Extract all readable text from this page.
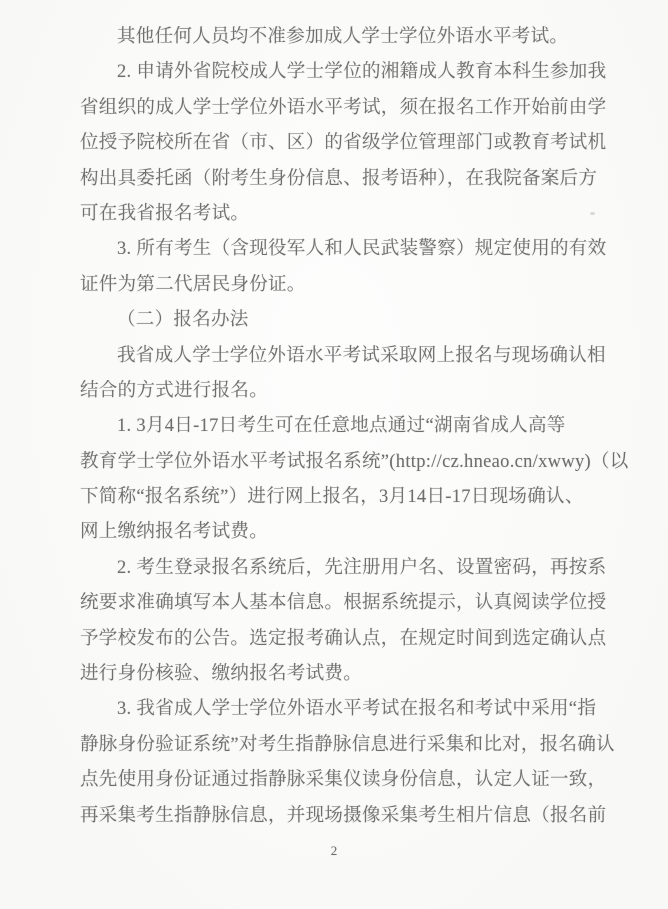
其他任何人员均不准参加成人学士学位外语水平考试。
2. 申请外省院校成人学士学位的湘籍成人教育本科生参加我
省组织的成人学士学位外语水平考试，须在报名工作开始前由学
位授予院校所在省（市、区）的省级学位管理部门或教育考试机
构出具委托函（附考生身份信息、报考语种），在我院备案后方
可在我省报名考试。
3. 所有考生（含现役军人和人民武装警察）规定使用的有效
证件为第二代居民身份证。
（二）报名办法
我省成人学士学位外语水平考试采取网上报名与现场确认相
结合的方式进行报名。
1. 3月4日-17日考生可在任意地点通过“湖南省成人高等
教育学士学位外语水平考试报名系统”(http://cz.hneao.cn/xwwy)（以
下简称“报名系统”）进行网上报名，3月14日-17日现场确认、
网上缴纳报名考试费。
2. 考生登录报名系统后，先注册用户名、设置密码，再按系
统要求准确填写本人基本信息。根据系统提示，认真阅读学位授
予学校发布的公告。选定报考确认点，在规定时间到选定确认点
进行身份核验、缴纳报名考试费。
3. 我省成人学士学位外语水平考试在报名和考试中采用“指
静脉身份验证系统”对考生指静脉信息进行采集和比对，报名确认
点先使用身份证通过指静脉采集仪读身份信息，认定人证一致，
再采集考生指静脉信息，并现场摄像采集考生相片信息（报名前
2
